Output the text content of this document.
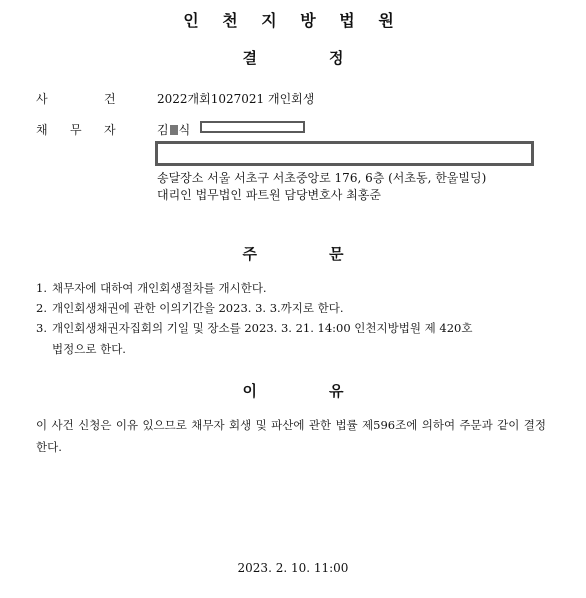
인 천 지 방 법 원
결	정
사	건	2022개회1027021 개인회생
채 무 자	김 식
송달장소 서울 서초구 서초중앙로 176, 6층 (서초동, 한울빌딩)
대리인 법무법인 파트원 담당변호사 최홍준
주	문
1. 채무자에 대하여 개인회생절차를 개시한다.
2. 개인회생채권에 관한 이의기간을 2023. 3. 3.까지로 한다.
3. 개인회생채권자집회의 기일 및 장소를 2023. 3. 21. 14:00 인천지방법원 제 420호
법정으로 한다.
이	유
이 사건 신청은 이유 있으므로 채무자 회생 및 파산에 관한 법률 제596조에 의하여 주문과 같이 결정한다.
2023. 2. 10. 11:00
